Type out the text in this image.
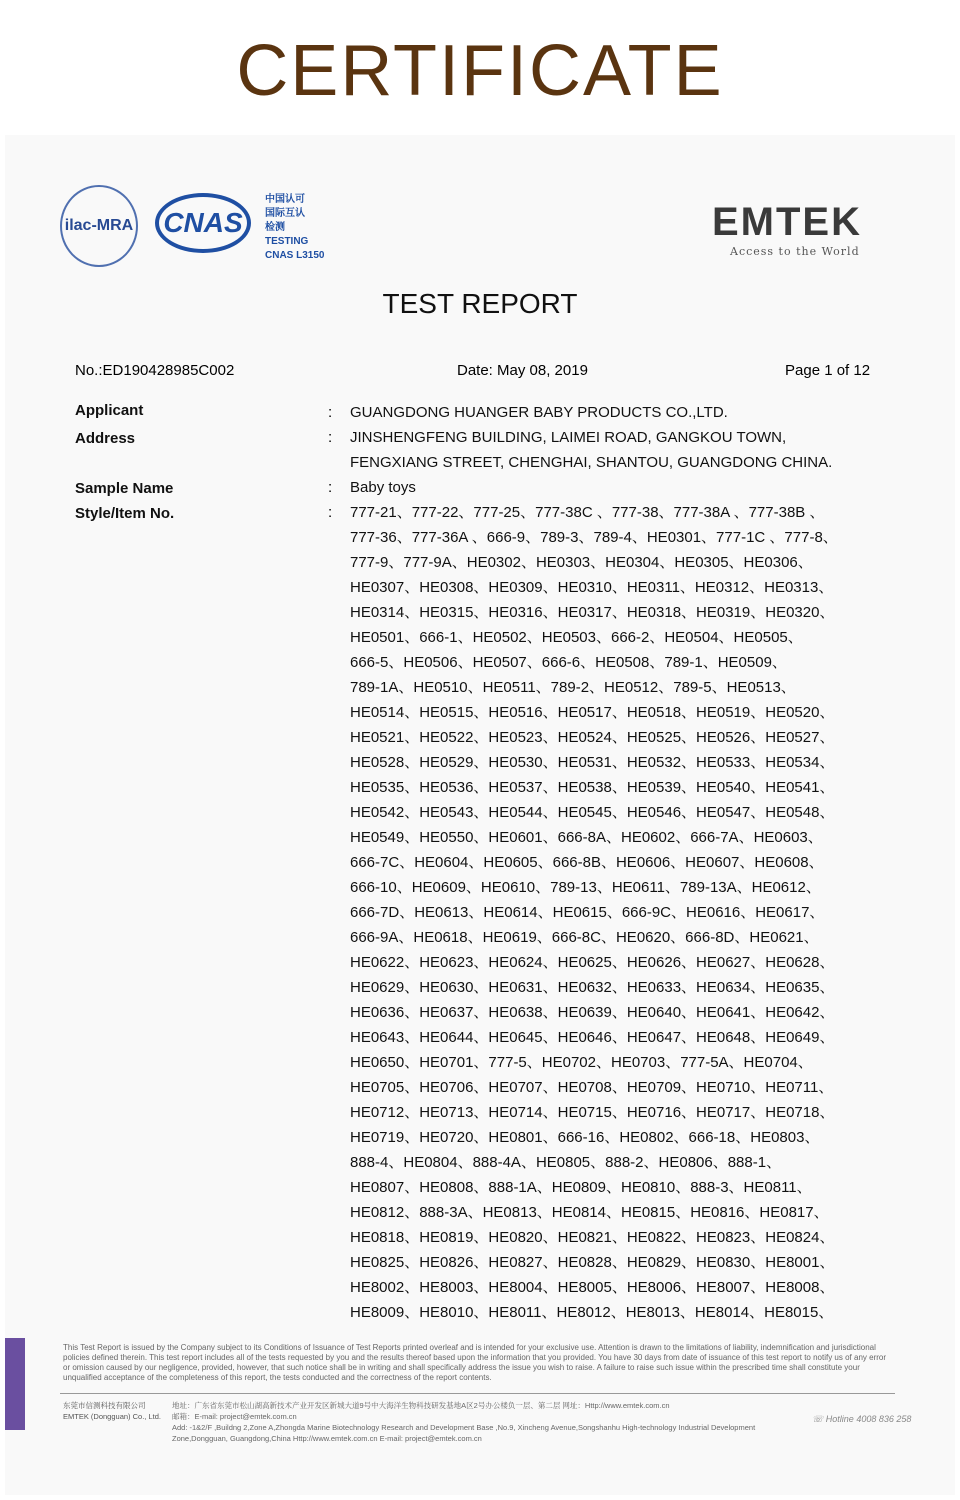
CERTIFICATE
ilac-MRA CNAS
中国认可
国际互认
检测
TESTING
CNAS L3150
EMTEK
Access to the World
TEST REPORT
No.:ED190428985C002	Date: May 08, 2019	Page 1 of 12
Applicant	: GUANGDONG HUANGER BABY PRODUCTS CO.,LTD.
Address	: JINSHENGFENG BUILDING, LAIMEI ROAD, GANGKOU TOWN,
FENGXIANG STREET, CHENGHAI, SHANTOU, GUANGDONG CHINA.
Sample Name	: Baby toys
Style/Item No.	: 777-21、777-22、777-25、777-38C 、777-38、777-38A 、777-38B 、
777-36、777-36A 、666-9、789-3、789-4、HE0301、777-1C 、777-8、
777-9、777-9A、HE0302、HE0303、HE0304、HE0305、HE0306、
HE0307、HE0308、HE0309、HE0310、HE0311、HE0312、HE0313、
HE0314、HE0315、HE0316、HE0317、HE0318、HE0319、HE0320、
HE0501、666-1、HE0502、HE0503、666-2、HE0504、HE0505、
666-5、HE0506、HE0507、666-6、HE0508、789-1、HE0509、
789-1A、HE0510、HE0511、789-2、HE0512、789-5、HE0513、
HE0514、HE0515、HE0516、HE0517、HE0518、HE0519、HE0520、
HE0521、HE0522、HE0523、HE0524、HE0525、HE0526、HE0527、
HE0528、HE0529、HE0530、HE0531、HE0532、HE0533、HE0534、
HE0535、HE0536、HE0537、HE0538、HE0539、HE0540、HE0541、
HE0542、HE0543、HE0544、HE0545、HE0546、HE0547、HE0548、
HE0549、HE0550、HE0601、666-8A、HE0602、666-7A、HE0603、
666-7C、HE0604、HE0605、666-8B、HE0606、HE0607、HE0608、
666-10、HE0609、HE0610、789-13、HE0611、789-13A、HE0612、
666-7D、HE0613、HE0614、HE0615、666-9C、HE0616、HE0617、
666-9A、HE0618、HE0619、666-8C、HE0620、666-8D、HE0621、
HE0622、HE0623、HE0624、HE0625、HE0626、HE0627、HE0628、
HE0629、HE0630、HE0631、HE0632、HE0633、HE0634、HE0635、
HE0636、HE0637、HE0638、HE0639、HE0640、HE0641、HE0642、
HE0643、HE0644、HE0645、HE0646、HE0647、HE0648、HE0649、
HE0650、HE0701、777-5、HE0702、HE0703、777-5A、HE0704、
HE0705、HE0706、HE0707、HE0708、HE0709、HE0710、HE0711、
HE0712、HE0713、HE0714、HE0715、HE0716、HE0717、HE0718、
HE0719、HE0720、HE0801、666-16、HE0802、666-18、HE0803、
888-4、HE0804、888-4A、HE0805、888-2、HE0806、888-1、
HE0807、HE0808、888-1A、HE0809、HE0810、888-3、HE0811、
HE0812、888-3A、HE0813、HE0814、HE0815、HE0816、HE0817、
HE0818、HE0819、HE0820、HE0821、HE0822、HE0823、HE0824、
HE0825、HE0826、HE0827、HE0828、HE0829、HE0830、HE8001、
HE8002、HE8003、HE8004、HE8005、HE8006、HE8007、HE8008、
HE8009、HE8010、HE8011、HE8012、HE8013、HE8014、HE8015、
This Test Report is issued by the Company subject to its Conditions of Issuance of Test Reports printed overleaf and is intended for your exclusive use. Attention is drawn to the limitations of liability, indemnification and jurisdictional policies defined therein. This test report includes all of the tests requested by you and the results thereof based upon the information that you provided. You have 30 days from date of issuance of this test report to notify us of any error or omission caused by our negligence, provided, however, that such notice shall be in writing and shall specifically address the issue you wish to raise. A failure to raise such issue within the prescribed time shall constitute your unqualified acceptance of the completeness of this report, the tests conducted and the correctness of the report contents.
东莞市信测科技有限公司
EMTEK (Dongguan) Co., Ltd.
地址：广东省东莞市松山湖高新技术产业开发区新城大道9号中大海洋生物科技研发基地A区2号办公楼负一层、第二层 网址：Http://www.emtek.com.cn
邮箱：E-mail: project@emtek.com.cn
Add: -1&2/F ,Buildng 2,Zone A,Zhongda Marine Biotechnology Research and Development Base ,No.9, Xincheng Avenue,Songshanhu High-technology Industrial Development Zone,Dongguan, Guangdong,China Http://www.emtek.com.cn E-mail: project@emtek.com.cn
☏ Hotline 4008 836 258
